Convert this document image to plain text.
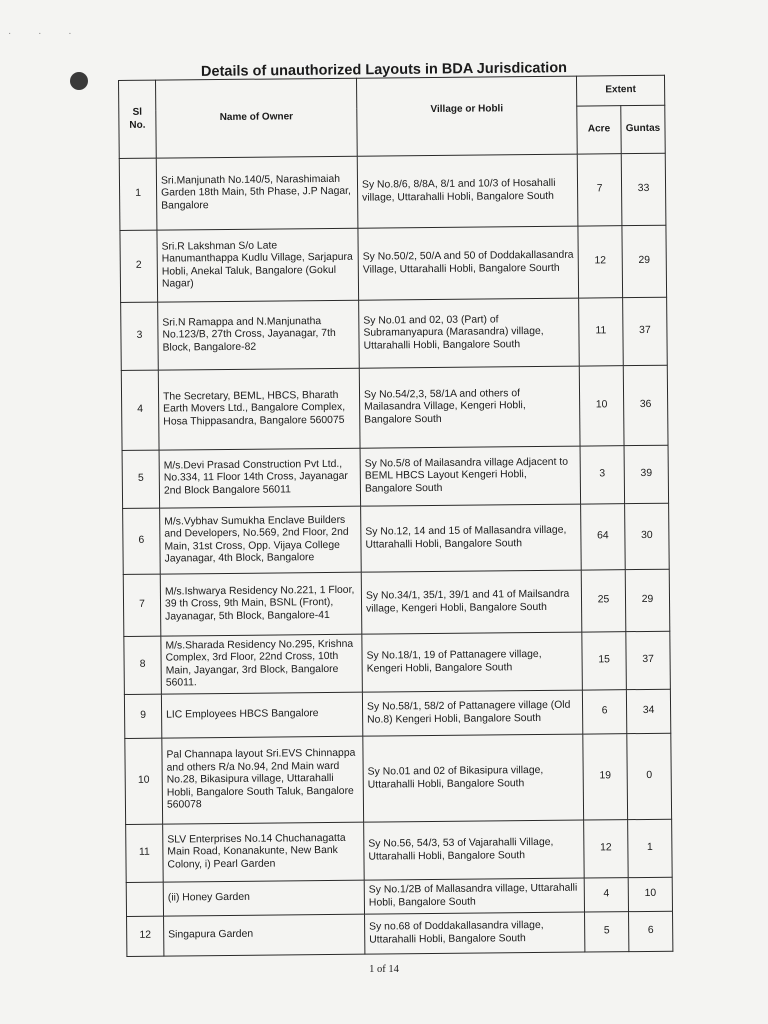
· · ·
Details of unauthorized Layouts in BDA Jurisdication
Sl No.	Name of Owner	Village or Hobli	Extent	
			Acre	Guntas
1	Sri.Manjunath No.140/5, Narashimaiah Garden 18th Main, 5th Phase, J.P Nagar, Bangalore	Sy No.8/6, 8/8A, 8/1 and 10/3 of Hosahalli village, Uttarahalli Hobli, Bangalore South	7	33
2	Sri.R Lakshman S/o Late Hanumanthappa Kudlu Village, Sarjapura Hobli, Anekal Taluk, Bangalore (Gokul Nagar)	Sy No.50/2, 50/A and 50 of Doddakallasandra Village, Uttarahalli Hobli, Bangalore Sourth	12	29
3	Sri.N Ramappa and N.Manjunatha No.123/B, 27th Cross, Jayanagar, 7th Block, Bangalore-82	Sy No.01 and 02, 03 (Part) of Subramanyapura (Marasandra) village, Uttarahalli Hobli, Bangalore South	11	37
4	The Secretary, BEML, HBCS, Bharath Earth Movers Ltd., Bangalore Complex, Hosa Thippasandra, Bangalore 560075	Sy No.54/2,3, 58/1A and others of Mailasandra Village, Kengeri Hobli, Bangalore South	10	36
5	M/s.Devi Prasad Construction Pvt Ltd., No.334, 11 Floor 14th Cross, Jayanagar 2nd Block Bangalore 56011	Sy No.5/8 of Mailasandra village Adjacent to BEML HBCS Layout Kengeri Hobli, Bangalore South	3	39
6	M/s.Vybhav Sumukha Enclave Builders and Developers, No.569, 2nd Floor, 2nd Main, 31st Cross, Opp. Vijaya College Jayanagar, 4th Block, Bangalore	Sy No.12, 14 and 15 of Mallasandra village, Uttarahalli Hobli, Bangalore South	64	30
7	M/s.Ishwarya Residency No.221, 1 Floor, 39 th Cross, 9th Main, BSNL (Front), Jayanagar, 5th Block, Bangalore-41	Sy No.34/1, 35/1, 39/1 and 41 of Mailsandra village, Kengeri Hobli, Bangalore South	25	29
8	M/s.Sharada Residency No.295, Krishna Complex, 3rd Floor, 22nd Cross, 10th Main, Jayangar, 3rd Block, Bangalore 56011.	Sy No.18/1, 19 of Pattanagere village, Kengeri Hobli, Bangalore South	15	37
9	LIC Employees HBCS Bangalore	Sy No.58/1, 58/2 of Pattanagere village (Old No.8) Kengeri Hobli, Bangalore South	6	34
10	Pal Channapa layout Sri.EVS Chinnappa and others R/a No.94, 2nd Main ward No.28, Bikasipura village, Uttarahalli Hobli, Bangalore South Taluk, Bangalore 560078	Sy No.01 and 02 of Bikasipura village, Uttarahalli Hobli, Bangalore South	19	0
11	SLV Enterprises No.14 Chuchanagatta Main Road, Konanakunte, New Bank Colony, i) Pearl Garden	Sy No.56, 54/3, 53 of Vajarahalli Village, Uttarahalli Hobli, Bangalore South	12	1
	(ii) Honey Garden	Sy No.1/2B of Mallasandra village, Uttarahalli Hobli, Bangalore South	4	10
12	Singapura Garden	Sy no.68 of Doddakallasandra village, Uttarahalli Hobli, Bangalore South	5	6
1 of 14
